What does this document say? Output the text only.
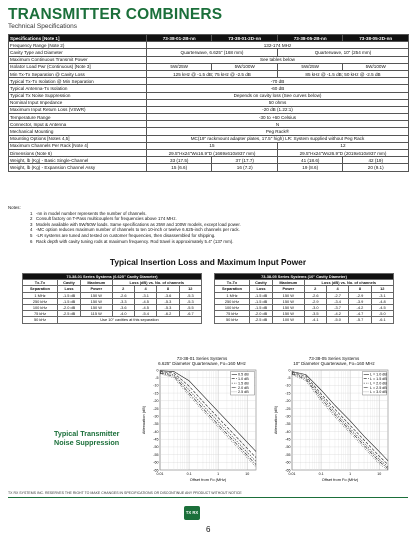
TRANSMITTER COMBINERS
Technical Specifications
Specifications [Note 1]	73-38-01-2B-nn	73-38-01-2D-nn	73-38-05-2B-nn	73-38-05-2D-nn
Frequency Range (Note 2)	132-174 MHz			
Cavity Type and Diameter	Quarterwave, 6.625" (168 mm)		Quarterwave, 10" (254 mm)	
Maximum Continuous Transmit Power	See tables below			
Isolator Load Pwr (Continuous) [Note 3]	5W/25W	5W/100W	5W/25W	5W/100W
Min Tx-Tx Separation @ Cavity Loss	125 kHz @ -1.5 dB; 75 kHz @ -2.5 dB		85 kHz @ -1.5 dB; 50 kHz @ -2.5 dB	
Typical Tx-Tx Isolation @ Min Separation	-70 dB			
Typical Antenna-Tx Isolation	-60 dB			
Typical Tx Noise Suppression	Depends on cavity loss (See curves below)			
Nominal Input Impedance	50 ohms			
Maximum Input Return Loss (VSWR)	-20 dB (1.22:1)			
Temperature Range	-30 to +60 Celsius			
Connector, Input & Antenna	N			
Mechanical Mounting	Peg Rack®			
Mounting Options [Notes 4,5]	MC(19" rackmount adapter plates, 17.5" high) LR: System supplied without Peg Rack			
Maximum Channels Per Rack [Note 4]	15		12	
Dimensions (Note 6)	29.5"Hx24"Wx16.9"D (1669x610x937 mm)		29.5"Hx24"Wx26.9"D (2019x610x937 mm)	
Weight, lb (Kg) - Basic Single-Channel	33 (17.5)	37 (17.7)	41 (18.6)	42 (19)
Weight, lb (Kg) - Expansion Channel Assy	15 (6.6)	16 (7.2)	19 (8.6)	20 (9.1)
Notes:
1 -nn in model number represents the number of channels.
2 Consult factory on T-Pass multicouplers for frequencies above 174 MHz.
3 Models available with 5W/50W loads. Same specifications as 25W and 100W models, except load power.
4 -MC option reduces maximum number of channels to ten 10-inch or twelve 6.625-inch channels per rack.
5 -LR systems are tuned and tested on customer frequencies, then disassembled for shipping.
6 Rack depth with cavity tuning rods at maximum frequency. Rod travel is approximately 5.4" (137 mm).
Typical Insertion Loss and Maximum Input Power
73-38-01 Series Systems (6.625" Cavity Diameter)						
Tx-Tx	Cavity	Maximum	Loss (dB) vs. No. of channels			
Separation	Loss	Power	2	4	8	12
1 MHz	-1.5 dB	150 W	-2.6	-3.1	-3.6	-5.3
250 kHz	-1.5 dB	150 W	-3.3	-4.5	-5.3	-5.3
100 kHz	-2.0 dB	150 W	-3.6	-4.5	-5.3	-5.5
75 kHz	-2.5 dB	115 W	-4.0	-5.4	-6.2	-6.7
50 kHz	Use 10" cavities at this separation					
73-38-05 Series Systems (10" Cavity Diameter)						
Tx-Tx	Cavity	Maximum	Loss (dB) vs. No. of channels			
Separation	Loss	Power	2	4	8	12
1 MHz	-1.5 dB	150 W	-2.6	-2.7	-2.9	-3.1
250 kHz	-1.5 dB	150 W	-2.9	-3.4	-3.9	-4.8
100 kHz	-1.5 dB	150 W	-3.0	-3.7	-4.2	-4.5
75 kHz	-2.0 dB	150 W	-3.5	-4.2	-4.7	-5.0
50 kHz	-2.5 dB	100 W	-4.1	-5.0	-5.7	-6.1
Typical Transmitter
Noise Suppression
73-38-01 Series Systems
6.625" Diameter Quarterwave, Fo=160 MHz
0
-5
-10
-15
-20
-25
-30
-35
-40
-45
-50
-55
-60
-65
0.01	0.1	1	10
Offset from Fo (MHz)
Attenuation (dB)
0.5 dB
1.0 dB
1.5 dB
2.0 dB
2.5 dB
73-38-05 Series Systems
10" Diameter Quarterwave, Fo=160 MHz
0
-5
-10
-15
-20
-25
-30
-35
-40
-45
-50
-55
-60
-65
0.01	0.1	1	10
Offset from Fo (MHz)
Attenuation (dB)
L = 1.0 dB
L = 1.5 dB
L = 2.0 dB
L = 2.5 dB
L = 3.0 dB
TX RX SYSTEMS INC. RESERVES THE RIGHT TO MAKE CHANGES IN SPECIFICATIONS OR DISCONTINUE ANY PRODUCT WITHOUT NOTICE
TX RX
6
